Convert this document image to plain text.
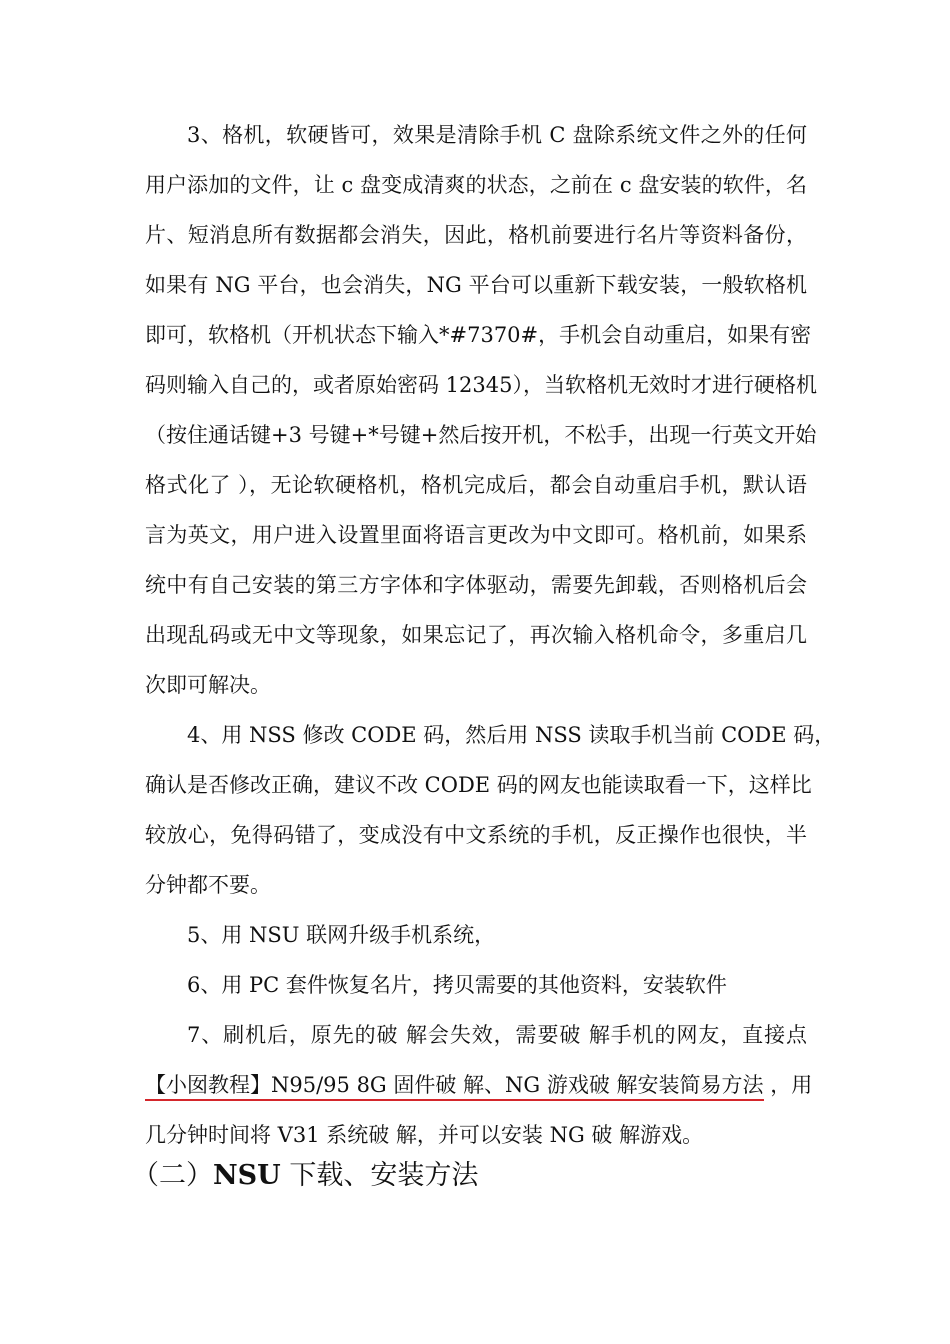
3、格机，软硬皆可，效果是清除手机 C 盘除系统文件之外的任何
用户添加的文件，让 c 盘变成清爽的状态，之前在 c 盘安装的软件，名
片、短消息所有数据都会消失，因此，格机前要进行名片等资料备份，
如果有 NG 平台，也会消失，NG 平台可以重新下载安装，一般软格机
即可，软格机（开机状态下输入*#7370#，手机会自动重启，如果有密
码则输入自己的，或者原始密码 12345），当软格机无效时才进行硬格机
（按住通话键+3 号键+*号键+然后按开机，不松手，出现一行英文开始
格式化了 ），无论软硬格机，格机完成后，都会自动重启手机，默认语
言为英文，用户进入设置里面将语言更改为中文即可。格机前，如果系
统中有自己安装的第三方字体和字体驱动，需要先卸载，否则格机后会
出现乱码或无中文等现象，如果忘记了，再次输入格机命令，多重启几
次即可解决。
4、用 NSS 修改 CODE 码，然后用 NSS 读取手机当前 CODE 码，
确认是否修改正确，建议不改 CODE 码的网友也能读取看一下，这样比
较放心，免得码错了，变成没有中文系统的手机，反正操作也很快，半
分钟都不要。
5、用 NSU 联网升级手机系统，
6、用 PC 套件恢复名片，拷贝需要的其他资料，安装软件
7、刷机后，原先的破 解会失效，需要破 解手机的网友，直接点
【小囡教程】N95/95 8G 固件破 解、NG 游戏破 解安装简易方法 ，用
几分钟时间将 V31 系统破 解，并可以安装 NG 破 解游戏。
（二）NSU 下载、安装方法
